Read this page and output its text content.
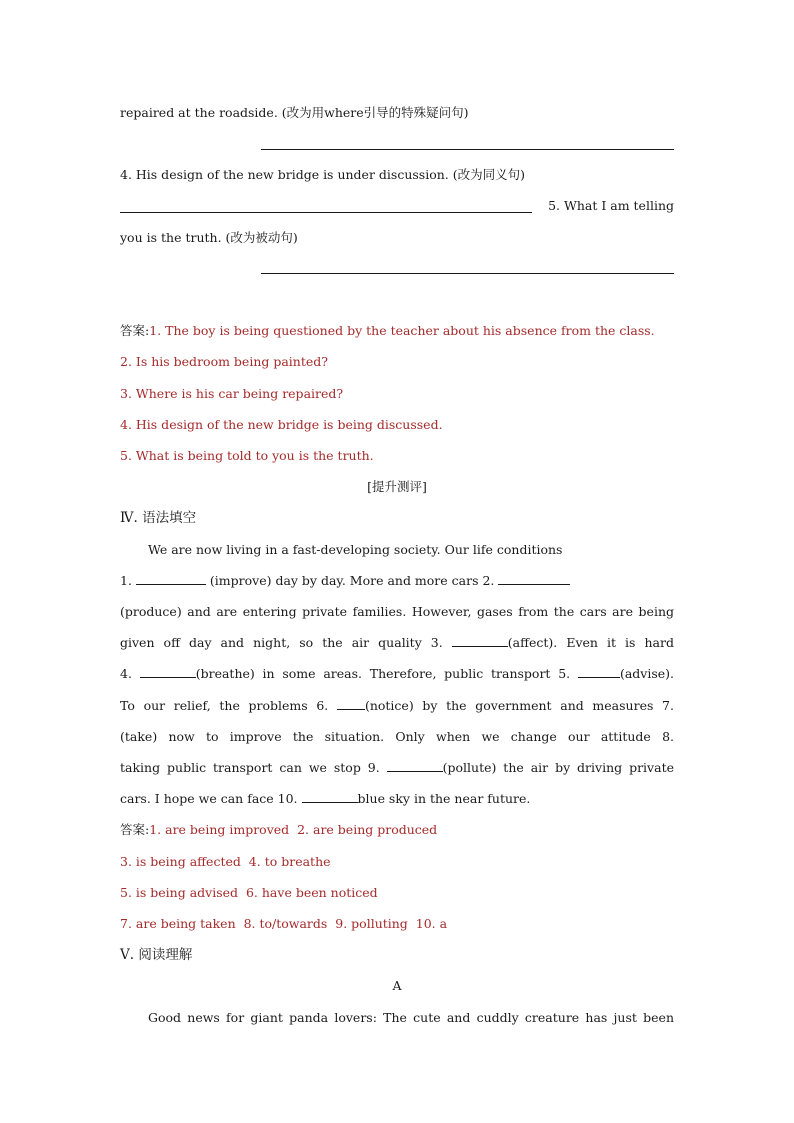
repaired at the roadside. (改为用where引导的特殊疑问句)
4. His design of the new bridge is under discussion. (改为同义句)
5. What I am telling
you is the truth. (改为被动句)
答案:1. The boy is being questioned by the teacher about his absence from the class.
2. Is his bedroom being painted?
3. Where is his car being repaired?
4. His design of the new bridge is being discussed.
5. What is being told to you is the truth.
[提升测评]
Ⅳ. 语法填空
We are now living in a fast-developing society. Our life conditions
1.	(improve) day by day. More and more cars 2.
(produce) and are entering private families. However, gases from the cars are being
given off day and night, so the air quality 3.	(affect). Even it is hard
4.	(breathe) in some areas. Therefore, public transport 5.	(advise).
To our relief, the problems 6.	(notice) by the government and measures 7.
(take) now to improve the situation. Only when we change our attitude 8.
taking public transport can we stop 9.	(pollute) the air by driving private
cars. I hope we can face 10.	blue sky in the near future.
答案:1. are being improved  2. are being produced
3. is being affected  4. to breathe
5. is being advised  6. have been noticed
7. are being taken  8. to/towards  9. polluting  10. a
Ⅴ. 阅读理解
A
Good news for giant panda lovers: The cute and cuddly creature has just been
